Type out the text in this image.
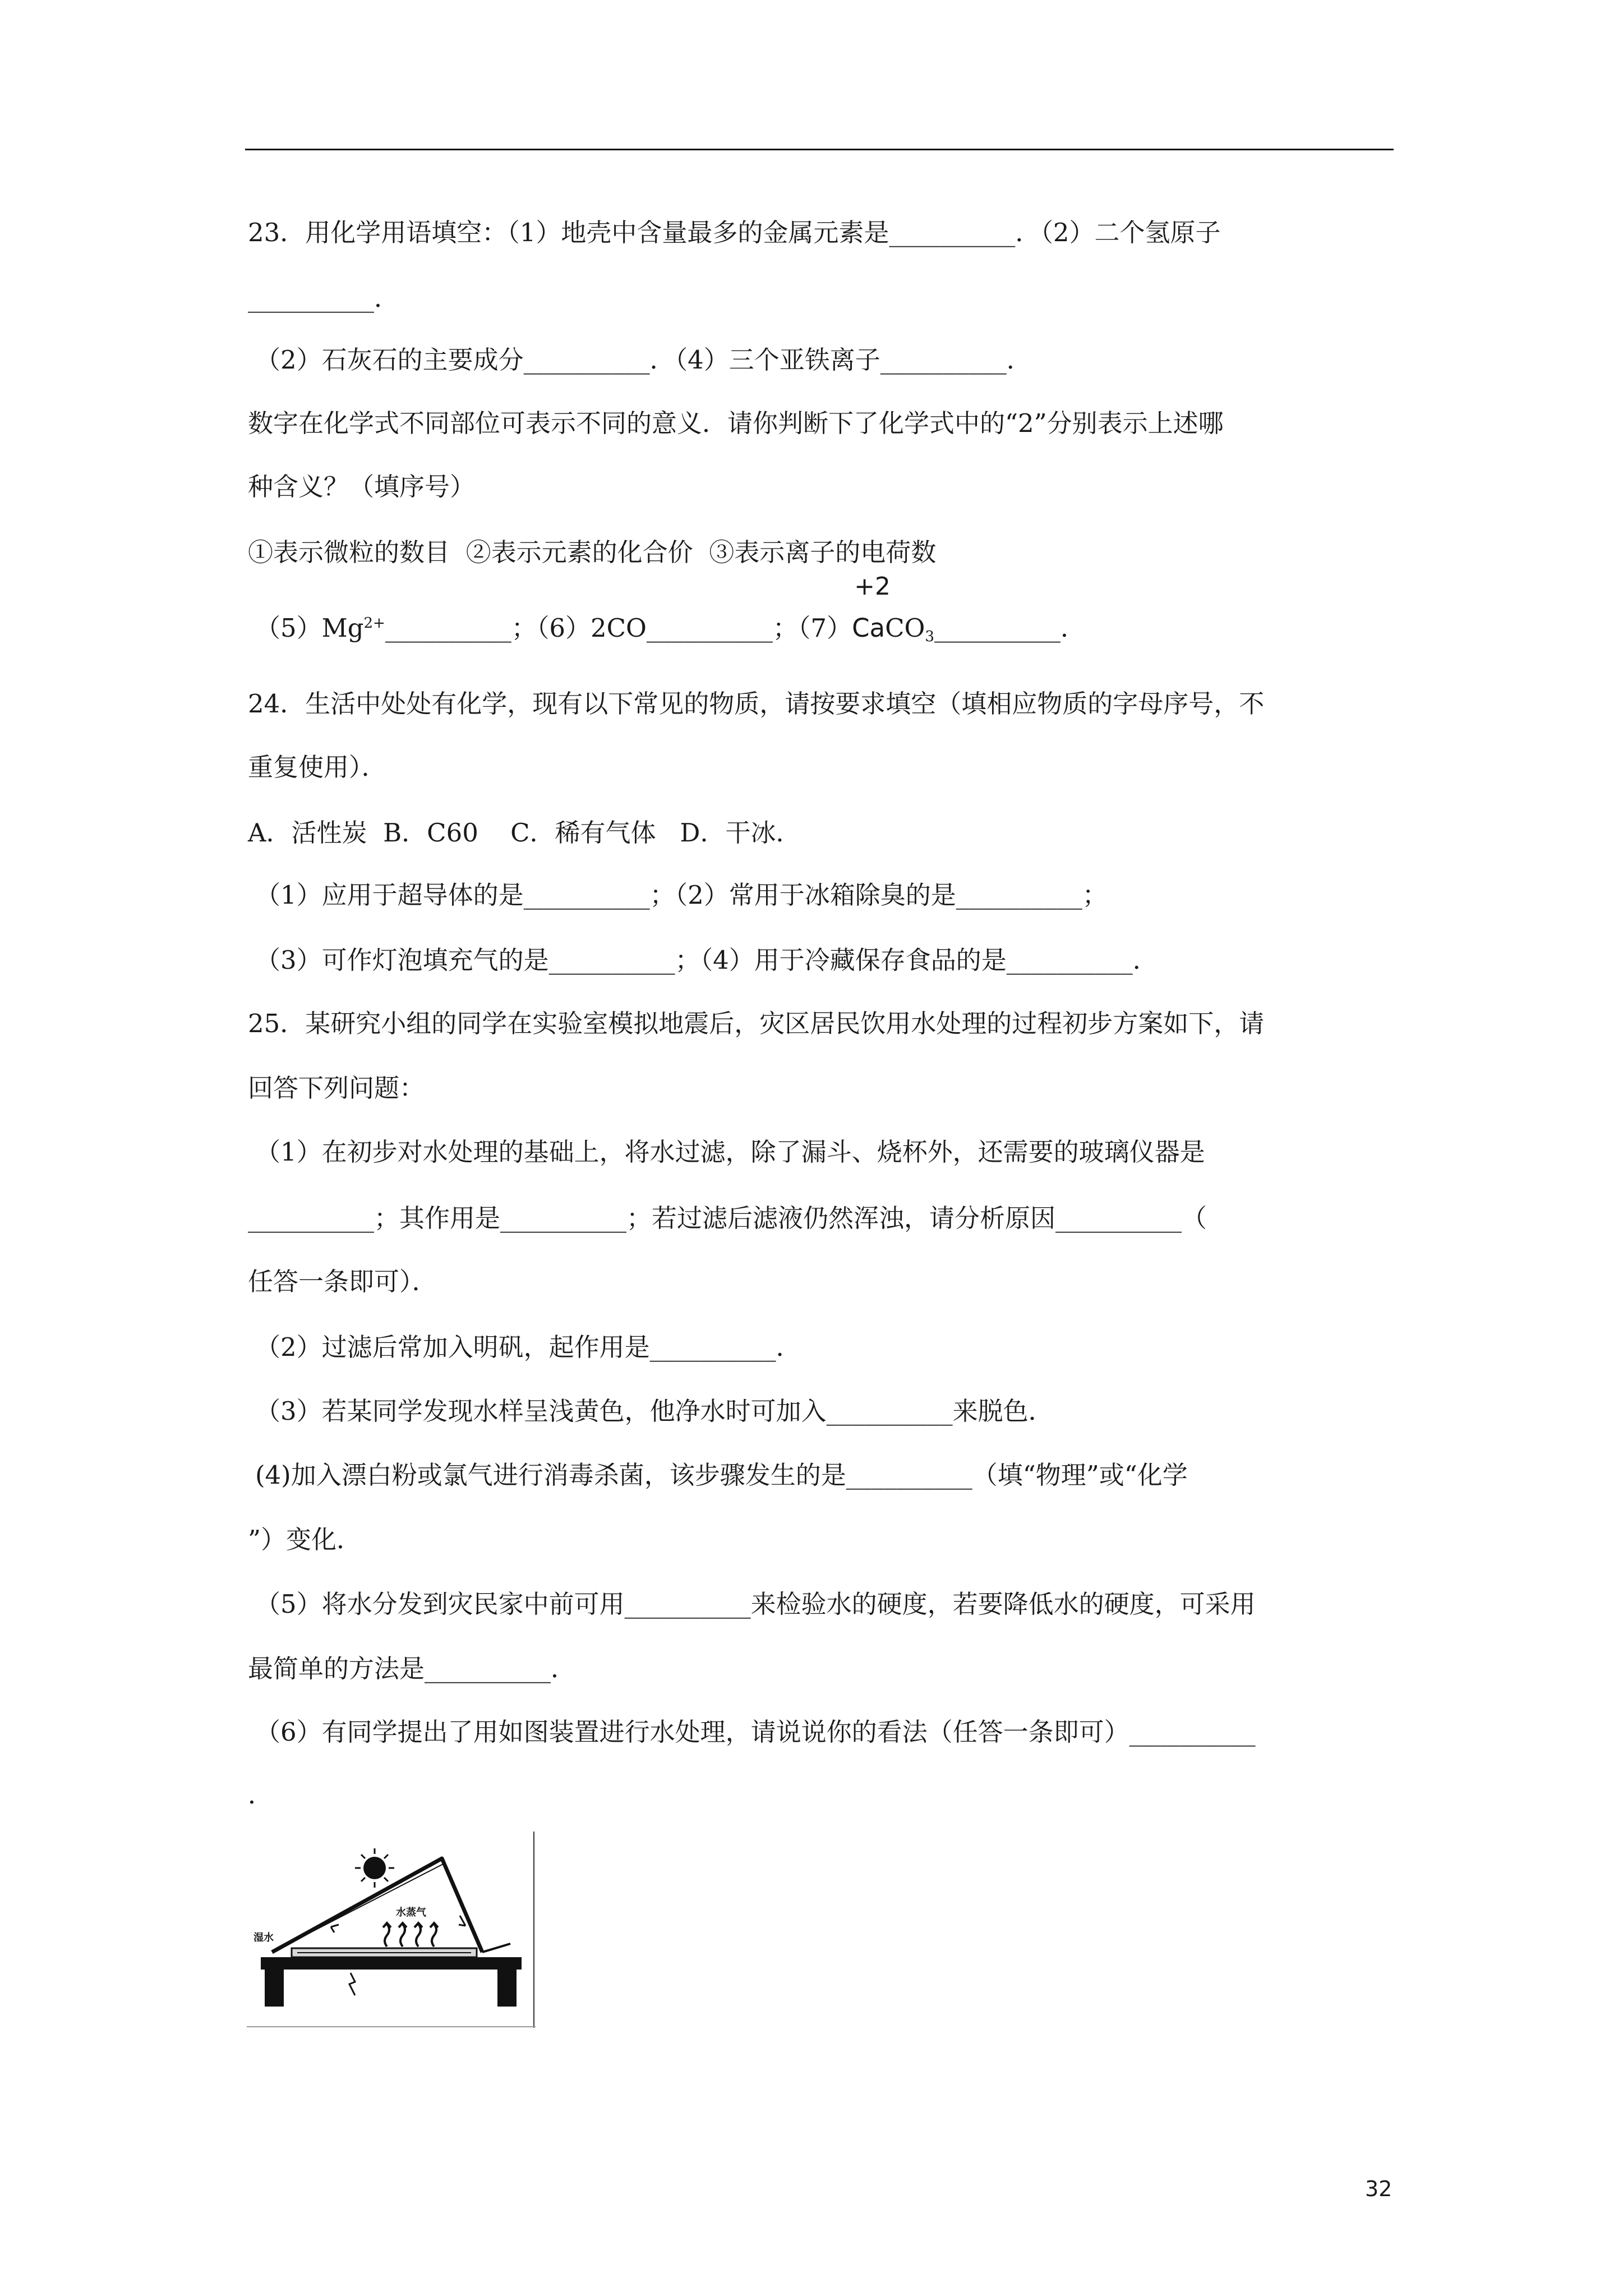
23．用化学用语填空：（1）地壳中含量最多的金属元素是__________．（2）二个氢原子
__________．
（2）石灰石的主要成分__________．（4）三个亚铁离子__________．
数字在化学式不同部位可表示不同的意义．请你判断下了化学式中的“2”分别表示上述哪
种含义？（填序号）
①表示微粒的数目  ②表示元素的化合价  ③表示离子的电荷数
$(5)Mg^{2+}\_\_\_\_\_\_\_\_\_\_$；（6）2CO__________；（7）
+2
CaCO$_3$__________．
24．生活中处处有化学，现有以下常见的物质，请按要求填空（填相应物质的字母序号，不
重复使用）．
A．活性炭  B．C60    C．稀有气体   D．干冰．
（1）应用于超导体的是__________；（2）常用于冰箱除臭的是__________；
（3）可作灯泡填充气的是__________；（4）用于冷藏保存食品的是__________．
25．某研究小组的同学在实验室模拟地震后，灾区居民饮用水处理的过程初步方案如下，请
回答下列问题：
（1）在初步对水处理的基础上，将水过滤，除了漏斗、烧杯外，还需要的玻璃仪器是
__________；其作用是__________；若过滤后滤液仍然浑浊，请分析原因__________（
任答一条即可）．
（2）过滤后常加入明矾，起作用是__________．
（3）若某同学发现水样呈浅黄色，他净水时可加入__________来脱色．
(4)加入漂白粉或氯气进行消毒杀菌，该步骤发生的是__________（填“物理”或“化学
”）变化．
（5）将水分发到灾民家中前可用__________来检验水的硬度，若要降低水的硬度，可采用
最简单的方法是__________．
（6）有同学提出了用如图装置进行水处理，请说说你的看法（任答一条即可）__________
．
水蒸气
湿水
32
